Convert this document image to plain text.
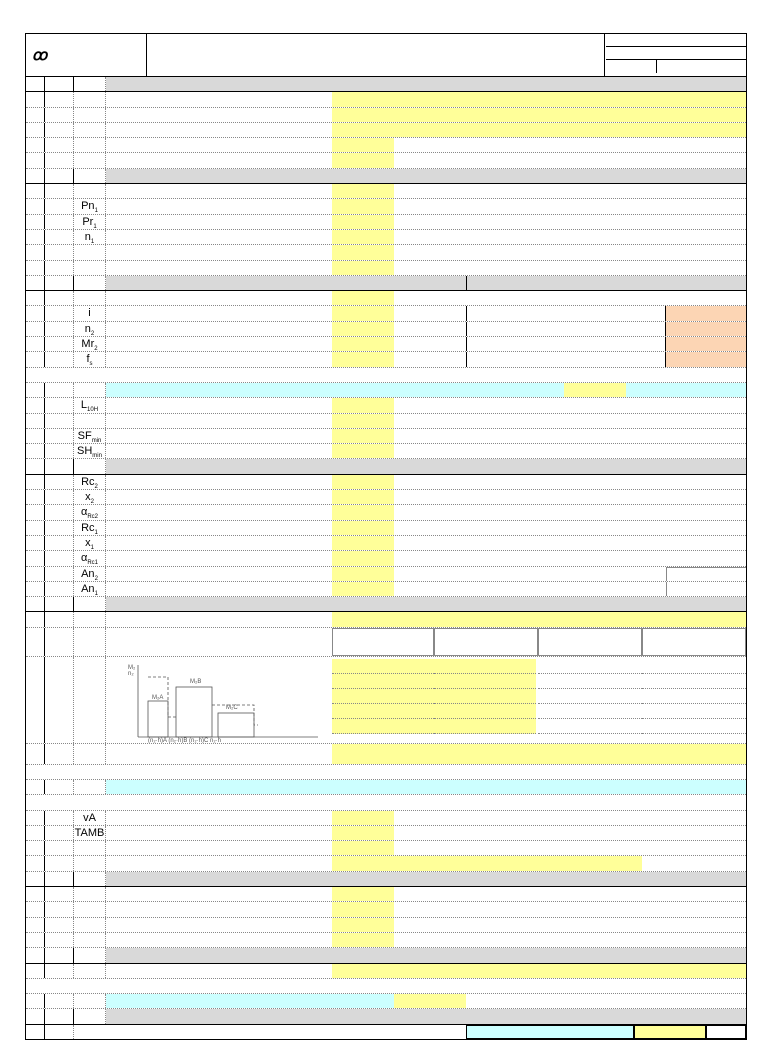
ꝏ
$Pn_1$
$Pr_1$
$n_1$
i
$n_2$
$Mr_2$
$f_s$
$L_{10H}$
$SF_{min}$
$SH_{min}$
$Rc_2$
$x_2$
$\alpha_{Rc2}$
$Rc_1$
$x_1$
$\alpha_{Rc1}$
$An_2$
$An_1$
M₂
n₂
M₂B
M₂A
M₂C
(n₂·h)A (n₂·h)B (n₂·h)C n₂·h
vA
TAMB
